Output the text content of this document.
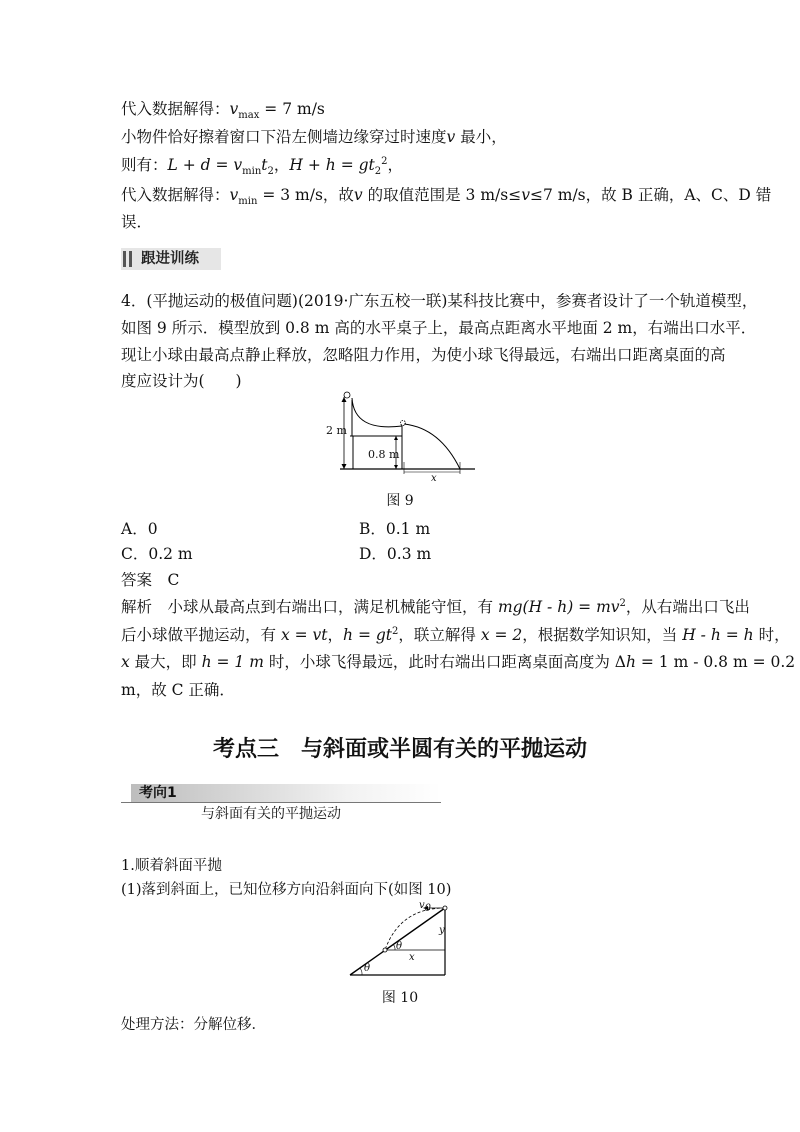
代入数据解得：$v_{max} = 7$ m/s
小物件恰好擦着窗口下沿左侧墙边缘穿过时速度v 最小，
则有：$L + d = v_{min}t_2$，$H + h = gt_2^2$，
代入数据解得：$v_{min} = 3$ m/s，故v 的取值范围是 3 m/s≤v≤7 m/s，故 B 正确，A、C、D 错
误．
跟进训练
4．(平抛运动的极值问题)(2019·广东五校一联)某科技比赛中，参赛者设计了一个轨道模型，
如图 9 所示．模型放到 0.8 m 高的水平桌子上，最高点距离水平地面 2 m，右端出口水平．
现让小球由最高点静止释放，忽略阻力作用，为使小球飞得最远，右端出口距离桌面的高
度应设计为(　　)
2 m
0.8 m
x
图 9
A．0	B．0.1 m
C．0.2 m	D．0.3 m
答案　C
解析　小球从最高点到右端出口，满足机械能守恒，有 $mg(H - h) = mv^2$，从右端出口飞出
后小球做平抛运动，有 x = vt，$h = gt^2$，联立解得 x = 2，根据数学知识知，当 H - h = h 时，
x 最大，即 h = 1 m 时，小球飞得最远，此时右端出口距离桌面高度为 Δh = 1 m - 0.8 m = 0.2
m，故 C 正确．
考点三　与斜面或半圆有关的平抛运动
考向1
与斜面有关的平抛运动
1.顺着斜面平抛
(1)落到斜面上，已知位移方向沿斜面向下(如图 10)
$v_0$
θ
θ
x
y
图 10
处理方法：分解位移．
